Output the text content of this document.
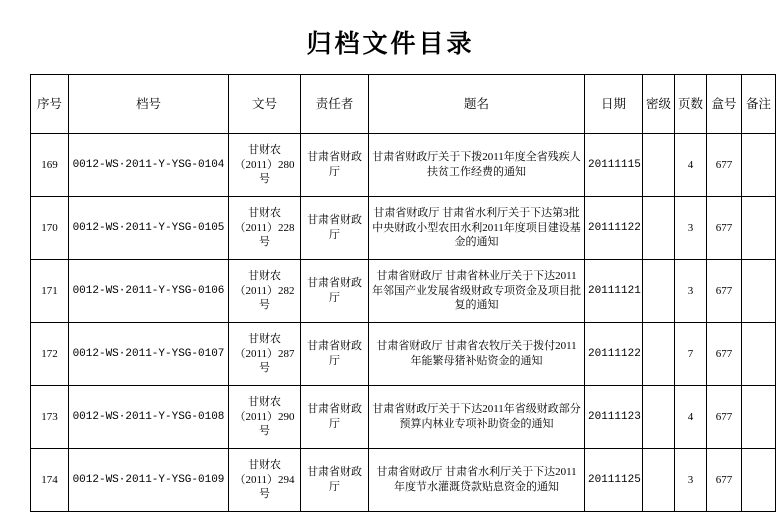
归档文件目录
序号	档号	文号	责任者	题名	日期	密级	页数	盒号	备注
169	0012-WS·2011-Y-YSG-0104	甘财农（2011）280号	甘肃省财政厅	甘肃省财政厅关于下拨2011年度全省残疾人扶贫工作经费的通知	20111115		4	677	
170	0012-WS·2011-Y-YSG-0105	甘财农（2011）228号	甘肃省财政厅	甘肃省财政厅 甘肃省水利厅关于下达第3批中央财政小型农田水利2011年度项目建设基金的通知	20111122		3	677	
171	0012-WS·2011-Y-YSG-0106	甘财农（2011）282号	甘肃省财政厅	甘肃省财政厅 甘肃省林业厅关于下达2011年邻国产业发展省级财政专项资金及项目批复的通知	20111121		3	677	
172	0012-WS·2011-Y-YSG-0107	甘财农（2011）287号	甘肃省财政厅	甘肃省财政厅 甘肃省农牧厅关于拨付2011年能繁母猪补贴资金的通知	20111122		7	677	
173	0012-WS·2011-Y-YSG-0108	甘财农（2011）290号	甘肃省财政厅	甘肃省财政厅关于下达2011年省级财政部分预算内林业专项补助资金的通知	20111123		4	677	
174	0012-WS·2011-Y-YSG-0109	甘财农（2011）294号	甘肃省财政厅	甘肃省财政厅 甘肃省水利厅关于下达2011年度节水灌溉贷款贴息资金的通知	20111125		3	677	
